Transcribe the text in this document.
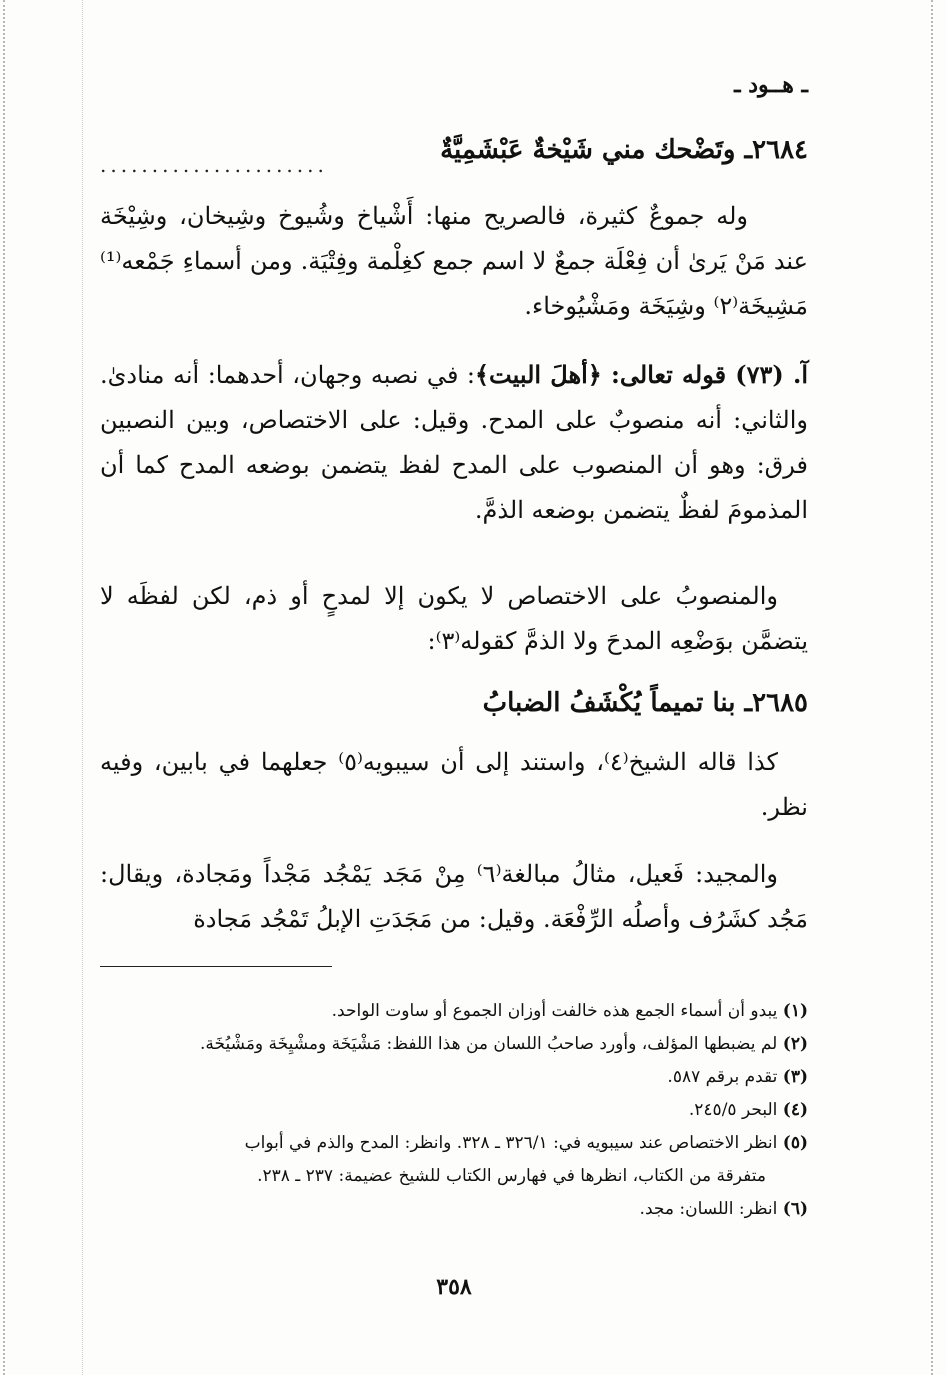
ـ هــود ـ
٢٦٨٤ـ وتَضْحك مني شَيْخةٌ عَبْشَمِيَّةٌ
......................

وله جموعٌ كثيرة، فالصريح منها: أَشْياخ وشُيوخ وشِيخان، وشِيْخَة عند مَنْ يَرىٰ أن فِعْلَة جمعٌ لا اسم جمع كغِلْمة وفِتْيَة. ومن أسماءِ جَمْعه⁽¹⁾ مَشِيخَة⁽٢⁾ وشِيَخَة ومَشْيُوخاء.

آ. (٧٣) قوله تعالى: ﴿أهلَ البيت﴾: في نصبه وجهان، أحدهما: أنه منادىٰ. والثاني: أنه منصوبٌ على المدح. وقيل: على الاختصاص، وبين النصبين فرق: وهو أن المنصوب على المدح لفظ يتضمن بوضعه المدح كما أن المذمومَ لفظٌ يتضمن بوضعه الذمَّ.

والمنصوبُ على الاختصاص لا يكون إلا لمدحٍ أو ذم، لكن لفظَه لا يتضمَّن بوَضْعِه المدحَ ولا الذمَّ كقوله⁽٣⁾:

٢٦٨٥ـ بنا تميماً يُكْشَفُ الضبابُ

كذا قاله الشيخ⁽٤⁾، واستند إلى أن سيبويه⁽٥⁾ جعلهما في بابين، وفيه نظر.

والمجيد: فَعيل، مثالُ مبالغة⁽٦⁾ مِنْ مَجَد يَمْجُد مَجْداً ومَجادة، ويقال: مَجُد كشَرُف وأصلُه الرِّفْعَة. وقيل: من مَجَدَتِ الإبلُ تَمْجُد مَجادة

(١) يبدو أن أسماء الجمع هذه خالفت أوزان الجموع أو ساوت الواحد.

(٢) لم يضبطها المؤلف، وأورد صاحبُ اللسان من هذا اللفظ: مَشْيَخَة ومشْيِخَة ومَشْيُخَة.

(٣) تقدم برقم ٥٨٧.

(٤) البحر ٢٤٥/٥.

(٥) انظر الاختصاص عند سيبويه في: ٣٢٦/١ ـ ٣٢٨. وانظر: المدح والذم في أبواب

متفرقة من الكتاب، انظرها في فهارس الكتاب للشيخ عضيمة: ٢٣٧ ـ ٢٣٨.

(٦) انظر: اللسان: مجد.

٣٥٨
